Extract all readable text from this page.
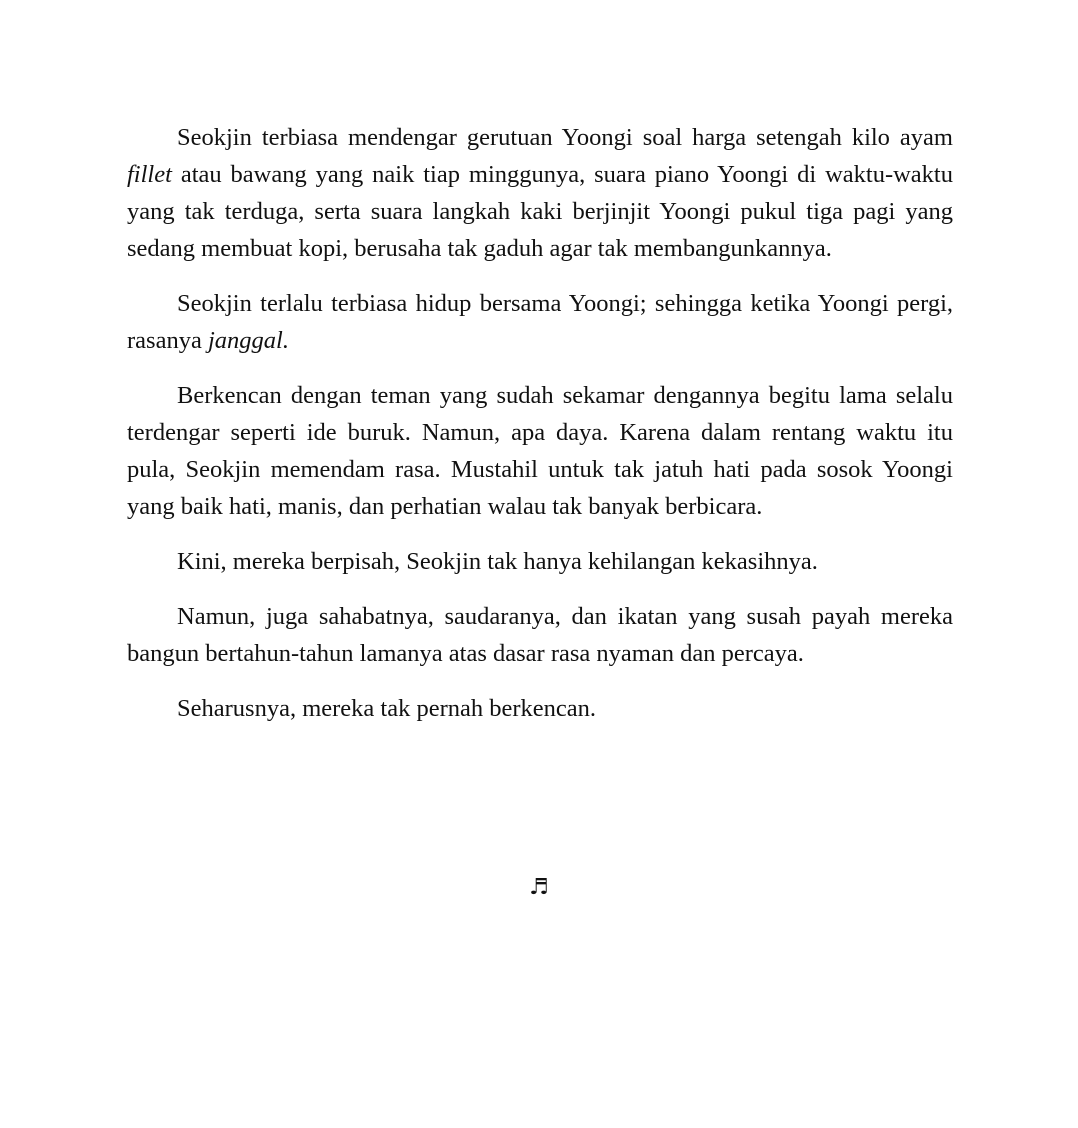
Seokjin terbiasa mendengar gerutuan Yoongi soal harga setengah kilo ayam fillet atau bawang yang naik tiap minggunya, suara piano Yoongi di waktu-waktu yang tak terduga, serta suara langkah kaki berjinjit Yoongi pukul tiga pagi yang sedang membuat kopi, berusaha tak gaduh agar tak membangunkannya.

Seokjin terlalu terbiasa hidup bersama Yoongi; sehingga ketika Yoongi pergi, rasanya janggal.

Berkencan dengan teman yang sudah sekamar dengannya begitu lama selalu terdengar seperti ide buruk. Namun, apa daya. Karena dalam rentang waktu itu pula, Seokjin memendam rasa. Mustahil untuk tak jatuh hati pada sosok Yoongi yang baik hati, manis, dan perhatian walau tak banyak berbicara.

Kini, mereka berpisah, Seokjin tak hanya kehilangan kekasihnya.

Namun, juga sahabatnya, saudaranya, dan ikatan yang susah payah mereka bangun bertahun-tahun lamanya atas dasar rasa nyaman dan percaya.

Seharusnya, mereka tak pernah berkencan.

♬
